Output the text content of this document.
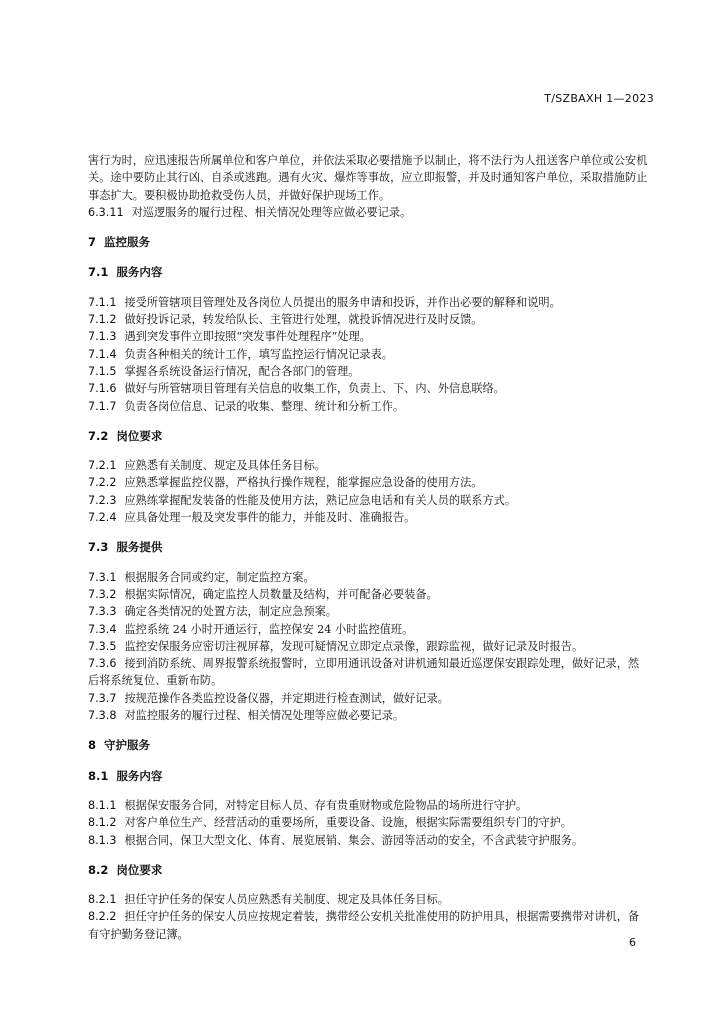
T/SZBAXH 1—2023

害行为时，应迅速报告所属单位和客户单位，并依法采取必要措施予以制止，将不法行为人扭送客户单位或公安机关。途中要防止其行凶、自杀或逃跑。遇有火灾、爆炸等事故，应立即报警，并及时通知客户单位，采取措施防止事态扩大。要积极协助抢救受伤人员，并做好保护现场工作。

6.3.11 对巡逻服务的履行过程、相关情况处理等应做必要记录。

7 监控服务

7.1 服务内容

7.1.1 接受所管辖项目管理处及各岗位人员提出的服务申请和投诉，并作出必要的解释和说明。

7.1.2 做好投诉记录，转发给队长、主管进行处理，就投诉情况进行及时反馈。

7.1.3 遇到突发事件立即按照“突发事件处理程序”处理。

7.1.4 负责各种相关的统计工作，填写监控运行情况记录表。

7.1.5 掌握各系统设备运行情况，配合各部门的管理。

7.1.6 做好与所管辖项目管理有关信息的收集工作，负责上、下、内、外信息联络。

7.1.7 负责各岗位信息、记录的收集、整理、统计和分析工作。

7.2 岗位要求

7.2.1 应熟悉有关制度、规定及具体任务目标。

7.2.2 应熟悉掌握监控仪器，严格执行操作规程，能掌握应急设备的使用方法。

7.2.3 应熟练掌握配发装备的性能及使用方法，熟记应急电话和有关人员的联系方式。

7.2.4 应具备处理一般及突发事件的能力，并能及时、准确报告。

7.3 服务提供

7.3.1 根据服务合同或约定，制定监控方案。

7.3.2 根据实际情况，确定监控人员数量及结构，并可配备必要装备。

7.3.3 确定各类情况的处置方法，制定应急预案。

7.3.4 监控系统 24 小时开通运行，监控保安 24 小时监控值班。

7.3.5 监控安保服务应密切注视屏幕，发现可疑情况立即定点录像，跟踪监视，做好记录及时报告。

7.3.6 接到消防系统、周界报警系统报警时，立即用通讯设备对讲机通知最近巡逻保安跟踪处理，做好记录，然后将系统复位、重新布防。

7.3.7 按规范操作各类监控设备仪器，并定期进行检查测试，做好记录。

7.3.8 对监控服务的履行过程、相关情况处理等应做必要记录。

8 守护服务

8.1 服务内容

8.1.1 根据保安服务合同，对特定目标人员、存有贵重财物或危险物品的场所进行守护。

8.1.2 对客户单位生产、经营活动的重要场所，重要设备、设施，根据实际需要组织专门的守护。

8.1.3 根据合同，保卫大型文化、体育、展览展销、集会、游园等活动的安全，不含武装守护服务。

8.2 岗位要求

8.2.1 担任守护任务的保安人员应熟悉有关制度、规定及具体任务目标。

8.2.2 担任守护任务的保安人员应按规定着装，携带经公安机关批准使用的防护用具，根据需要携带对讲机，备有守护勤务登记簿。

6
